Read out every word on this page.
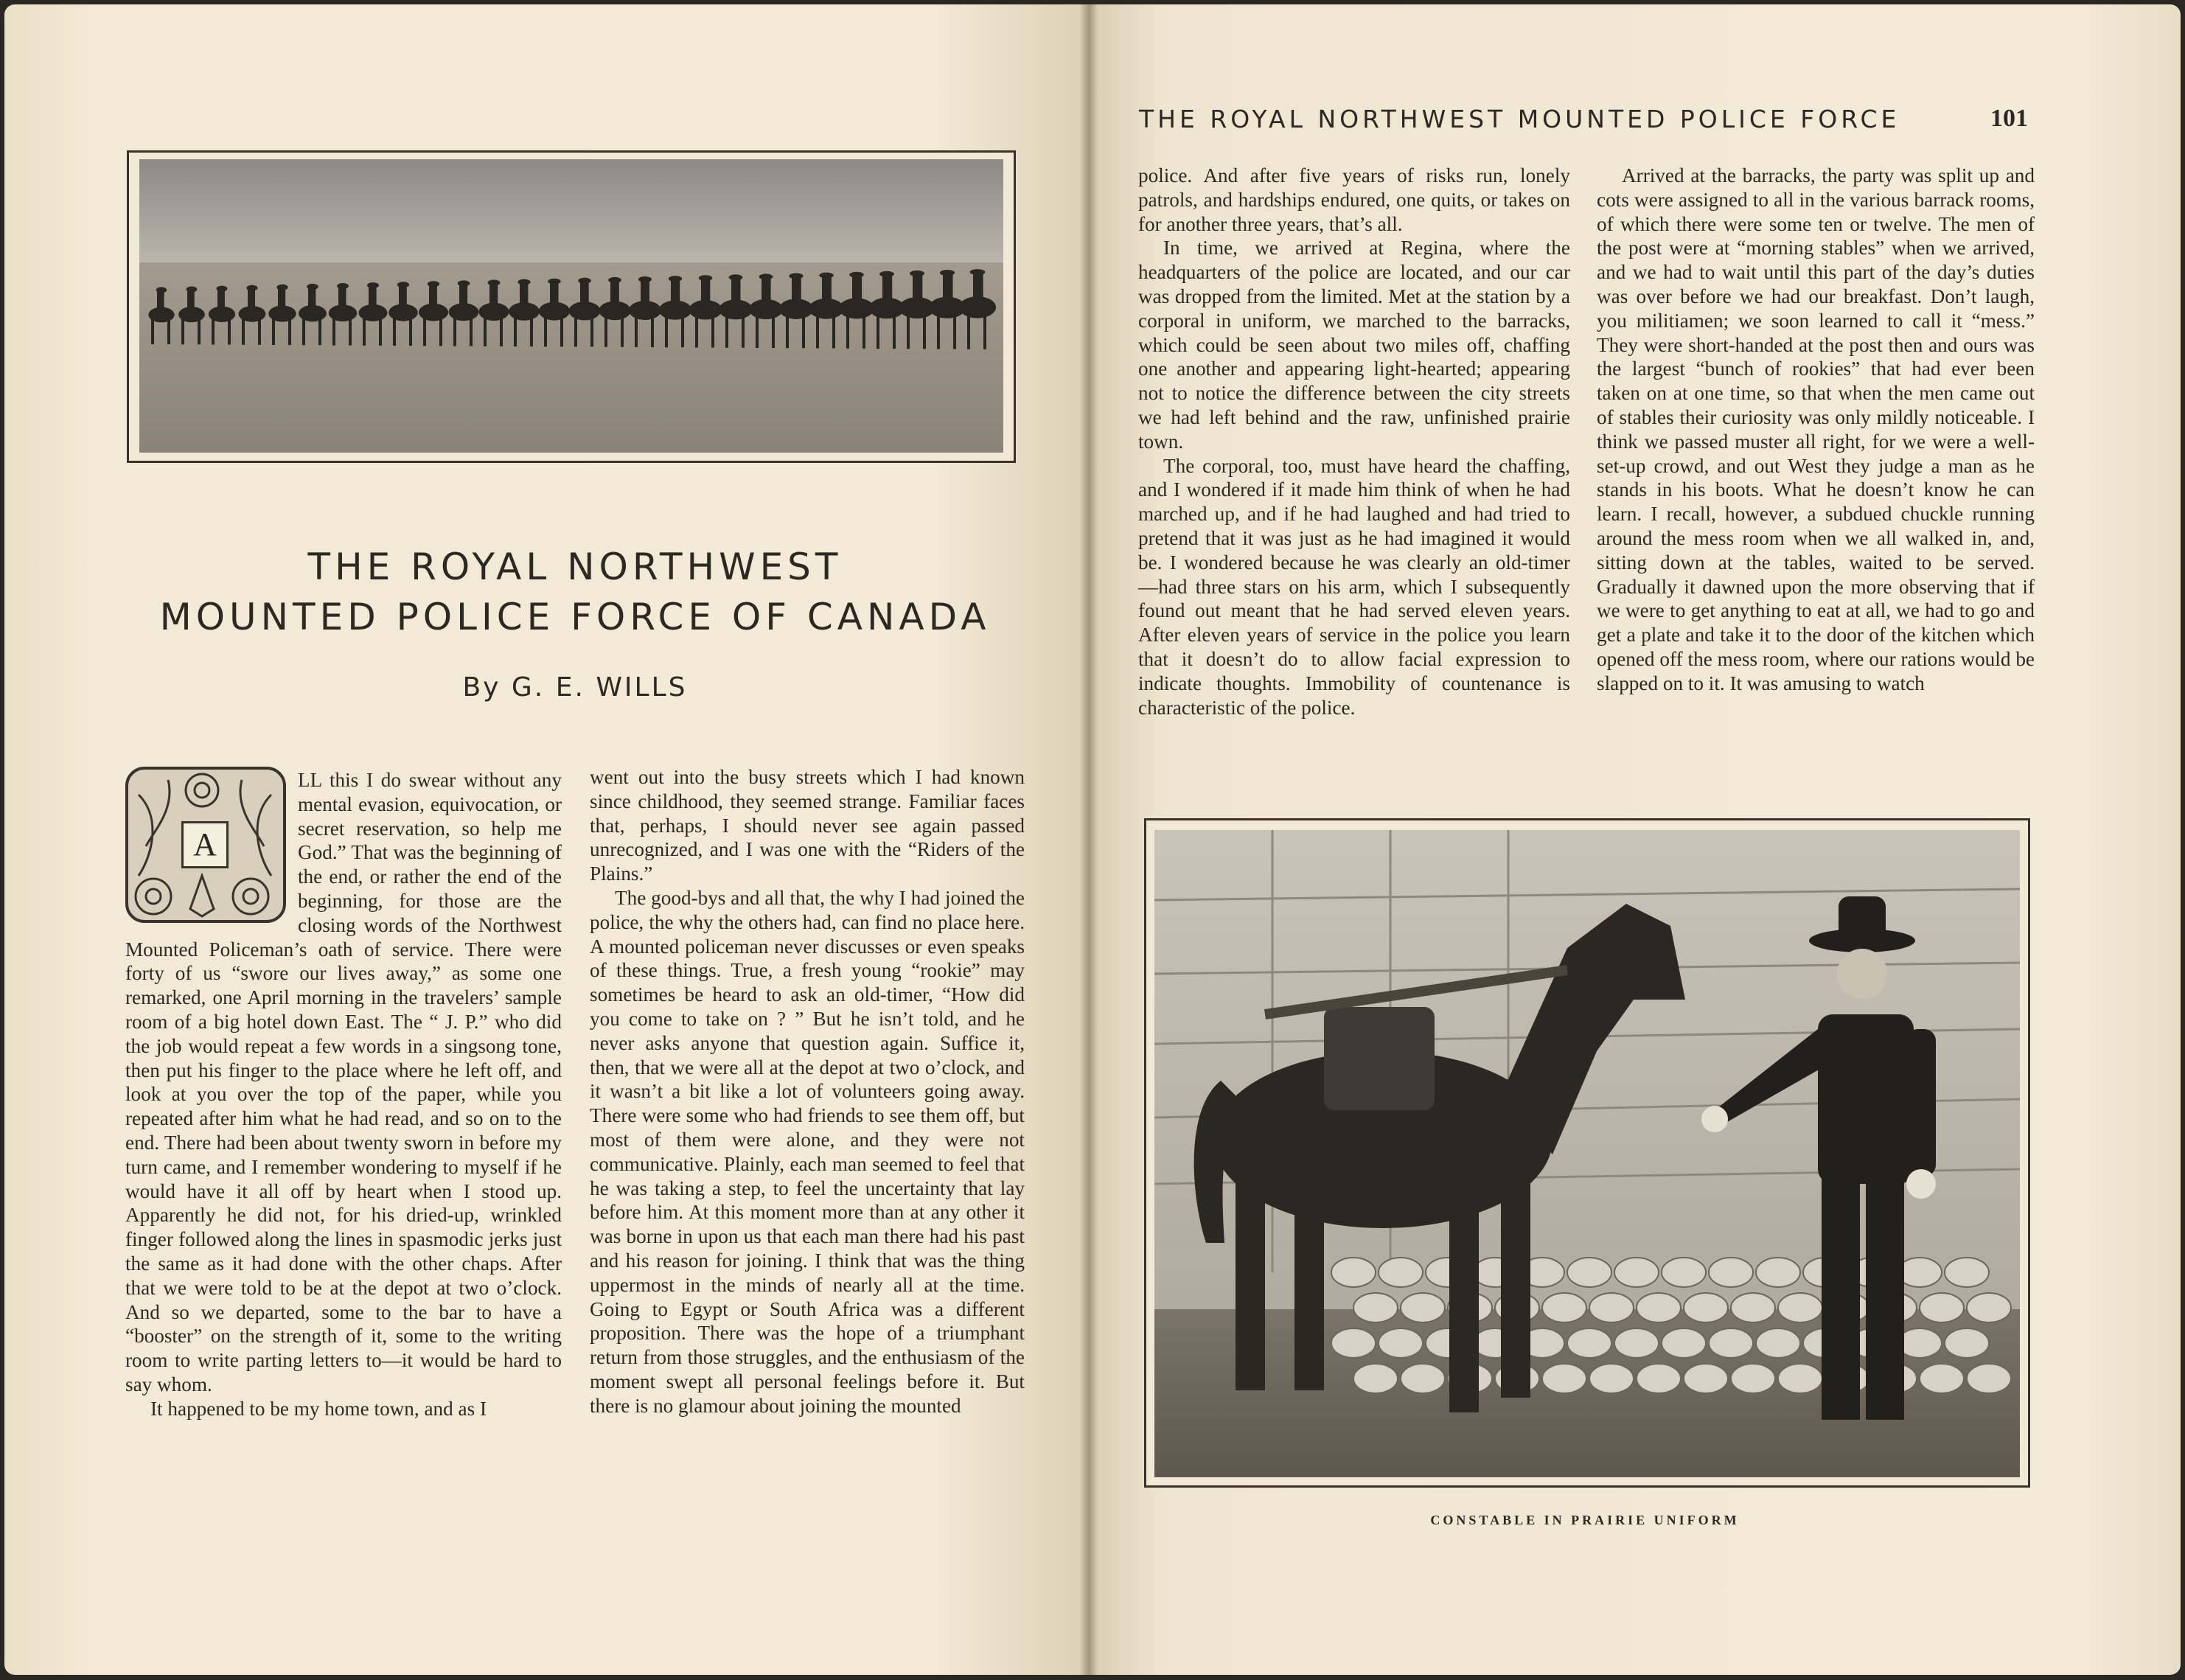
THE ROYAL NORTHWEST
MOUNTED POLICE FORCE OF CANADA
By G. E. WILLS
A

LL this I do swear without any mental evasion, equivocation, or secret reservation, so help me God.” That was the beginning of the end, or rather the end of the beginning, for those are the closing words of the Northwest Mounted Policeman’s oath of service. There were forty of us “swore our lives away,” as some one remarked, one April morning in the travelers’ sample room of a big hotel down East. The “ J. P.” who did the job would repeat a few words in a singsong tone, then put his finger to the place where he left off, and look at you over the top of the paper, while you repeated after him what he had read, and so on to the end. There had been about twenty sworn in before my turn came, and I remember wondering to myself if he would have it all off by heart when I stood up. Apparently he did not, for his dried-up, wrinkled finger followed along the lines in spasmodic jerks just the same as it had done with the other chaps. After that we were told to be at the depot at two o’clock. And so we departed, some to the bar to have a “booster” on the strength of it, some to the writing room to write parting letters to—it would be hard to say whom.

It happened to be my home town, and as I

went out into the busy streets which I had known since childhood, they seemed strange. Familiar faces that, perhaps, I should never see again passed unrecognized, and I was one with the “Riders of the Plains.”

The good-bys and all that, the why I had joined the police, the why the others had, can find no place here. A mounted policeman never discusses or even speaks of these things. True, a fresh young “rookie” may sometimes be heard to ask an old-timer, “How did you come to take on ? ” But he isn’t told, and he never asks anyone that question again. Suffice it, then, that we were all at the depot at two o’clock, and it wasn’t a bit like a lot of volunteers going away. There were some who had friends to see them off, but most of them were alone, and they were not communicative. Plainly, each man seemed to feel that he was taking a step, to feel the uncertainty that lay before him. At this moment more than at any other it was borne in upon us that each man there had his past and his reason for joining. I think that was the thing uppermost in the minds of nearly all at the time. Going to Egypt or South Africa was a different proposition. There was the hope of a triumphant return from those struggles, and the enthusiasm of the moment swept all personal feelings before it. But there is no glamour about joining the mounted

THE ROYAL NORTHWEST MOUNTED POLICE FORCE	101

police. And after five years of risks run, lonely patrols, and hardships endured, one quits, or takes on for another three years, that’s all.

In time, we arrived at Regina, where the headquarters of the police are located, and our car was dropped from the limited. Met at the station by a corporal in uniform, we marched to the barracks, which could be seen about two miles off, chaffing one another and appearing light-hearted; appearing not to notice the difference between the city streets we had left behind and the raw, unfinished prairie town.

The corporal, too, must have heard the chaffing, and I wondered if it made him think of when he had marched up, and if he had laughed and had tried to pretend that it was just as he had imagined it would be. I wondered because he was clearly an old-timer —had three stars on his arm, which I subsequently found out meant that he had served eleven years. After eleven years of service in the police you learn that it doesn’t do to allow facial expression to indicate thoughts. Immobility of countenance is characteristic of the police.

Arrived at the barracks, the party was split up and cots were assigned to all in the various barrack rooms, of which there were some ten or twelve. The men of the post were at “morning stables” when we arrived, and we had to wait until this part of the day’s duties was over before we had our breakfast. Don’t laugh, you militiamen; we soon learned to call it “mess.” They were short-handed at the post then and ours was the largest “bunch of rookies” that had ever been taken on at one time, so that when the men came out of stables their curiosity was only mildly noticeable. I think we passed muster all right, for we were a well-set-up crowd, and out West they judge a man as he stands in his boots. What he doesn’t know he can learn. I recall, however, a subdued chuckle running around the mess room when we all walked in, and, sitting down at the tables, waited to be served. Gradually it dawned upon the more observing that if we were to get anything to eat at all, we had to go and get a plate and take it to the door of the kitchen which opened off the mess room, where our rations would be slapped on to it. It was amusing to watch

CONSTABLE IN PRAIRIE UNIFORM
